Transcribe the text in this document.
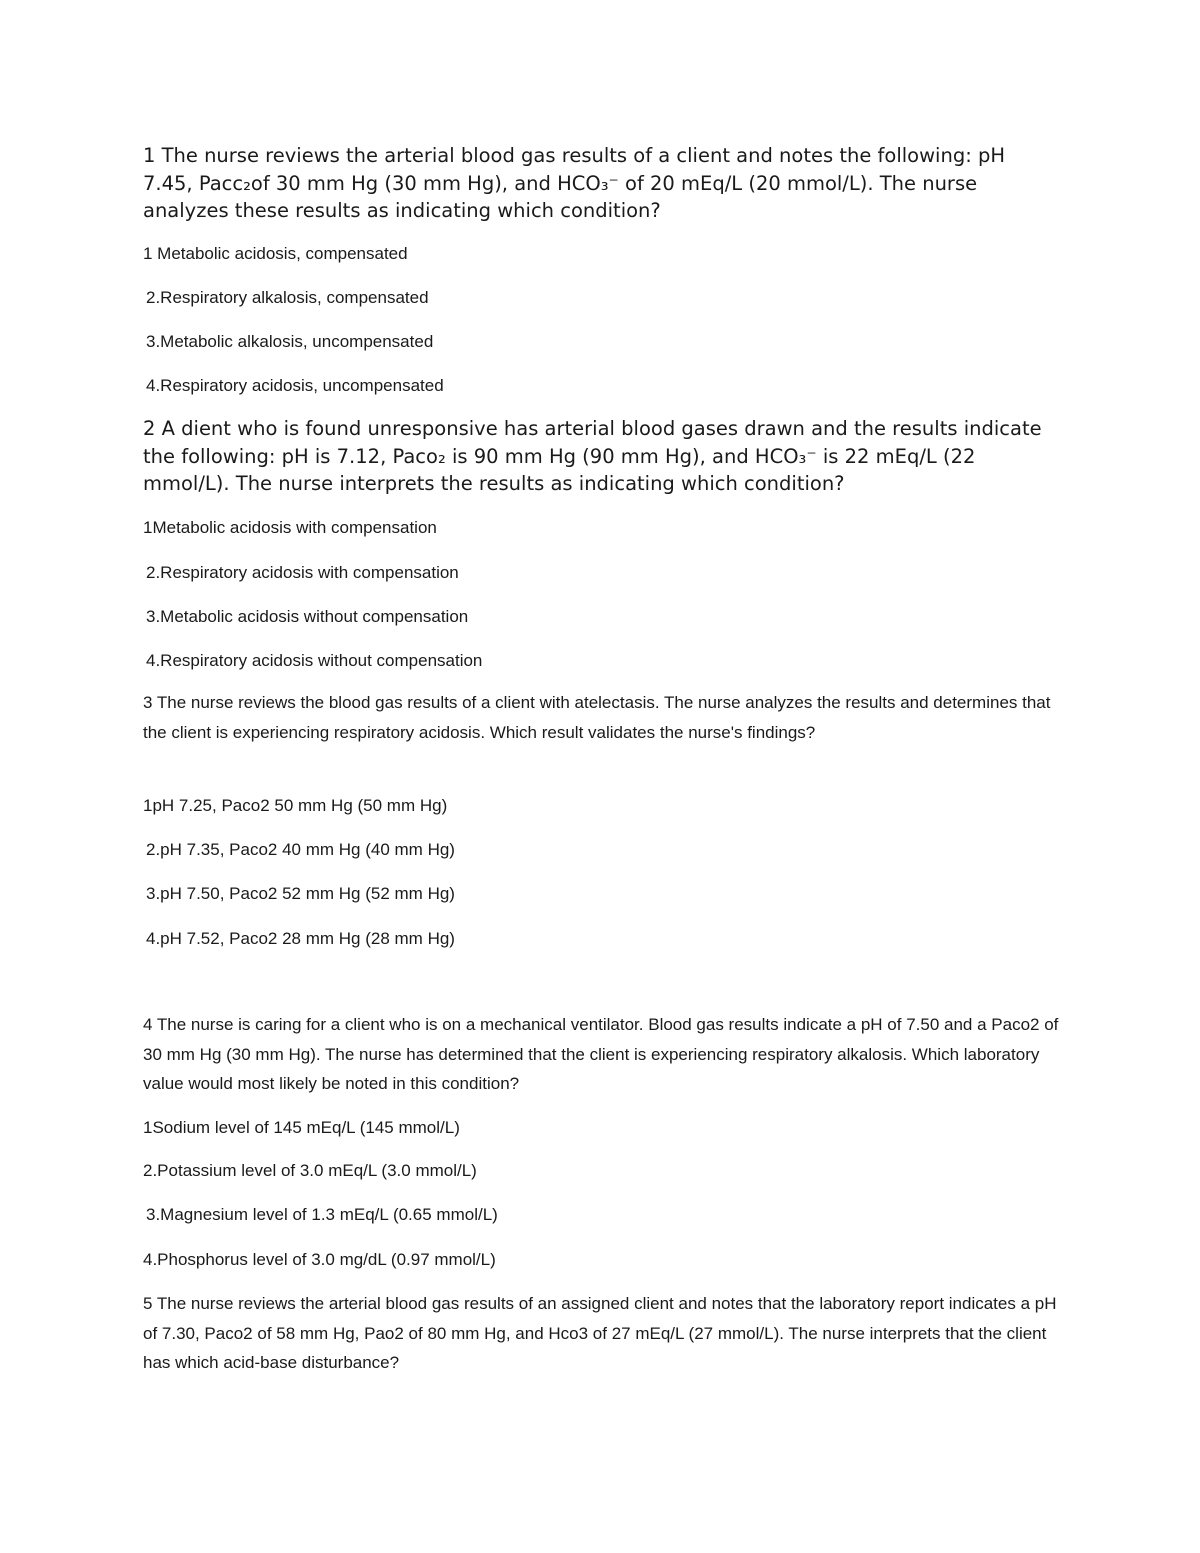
1 The nurse reviews the arterial blood gas results of a client and notes the following: pH 7.45, Pacc₂of 30 mm Hg (30 mm Hg), and HCO₃⁻ of 20 mEq/L (20 mmol/L). The nurse analyzes these results as indicating which condition?

1 Metabolic acidosis, compensated
2.Respiratory alkalosis, compensated
3.Metabolic alkalosis, uncompensated
4.Respiratory acidosis, uncompensated

2 A dient who is found unresponsive has arterial blood gases drawn and the results indicate the following: pH is 7.12, Paco₂ is 90 mm Hg (90 mm Hg), and HCO₃⁻ is 22 mEq/L (22 mmol/L). The nurse interprets the results as indicating which condition?

1Metabolic acidosis with compensation
2.Respiratory acidosis with compensation
3.Metabolic acidosis without compensation
4.Respiratory acidosis without compensation

3 The nurse reviews the blood gas results of a client with atelectasis. The nurse analyzes the results and determines that the client is experiencing respiratory acidosis. Which result validates the nurse's findings?

1pH 7.25, Paco2 50 mm Hg (50 mm Hg)
2.pH 7.35, Paco2 40 mm Hg (40 mm Hg)
3.pH 7.50, Paco2 52 mm Hg (52 mm Hg)
4.pH 7.52, Paco2 28 mm Hg (28 mm Hg)

4 The nurse is caring for a client who is on a mechanical ventilator. Blood gas results indicate a pH of 7.50 and a Paco2 of 30 mm Hg (30 mm Hg). The nurse has determined that the client is experiencing respiratory alkalosis. Which laboratory value would most likely be noted in this condition?

1Sodium level of 145 mEq/L (145 mmol/L)
2.Potassium level of 3.0 mEq/L (3.0 mmol/L)
3.Magnesium level of 1.3 mEq/L (0.65 mmol/L)
4.Phosphorus level of 3.0 mg/dL (0.97 mmol/L)

5 The nurse reviews the arterial blood gas results of an assigned client and notes that the laboratory report indicates a pH of 7.30, Paco2 of 58 mm Hg, Pao2 of 80 mm Hg, and Hco3 of 27 mEq/L (27 mmol/L). The nurse interprets that the client has which acid-base disturbance?
